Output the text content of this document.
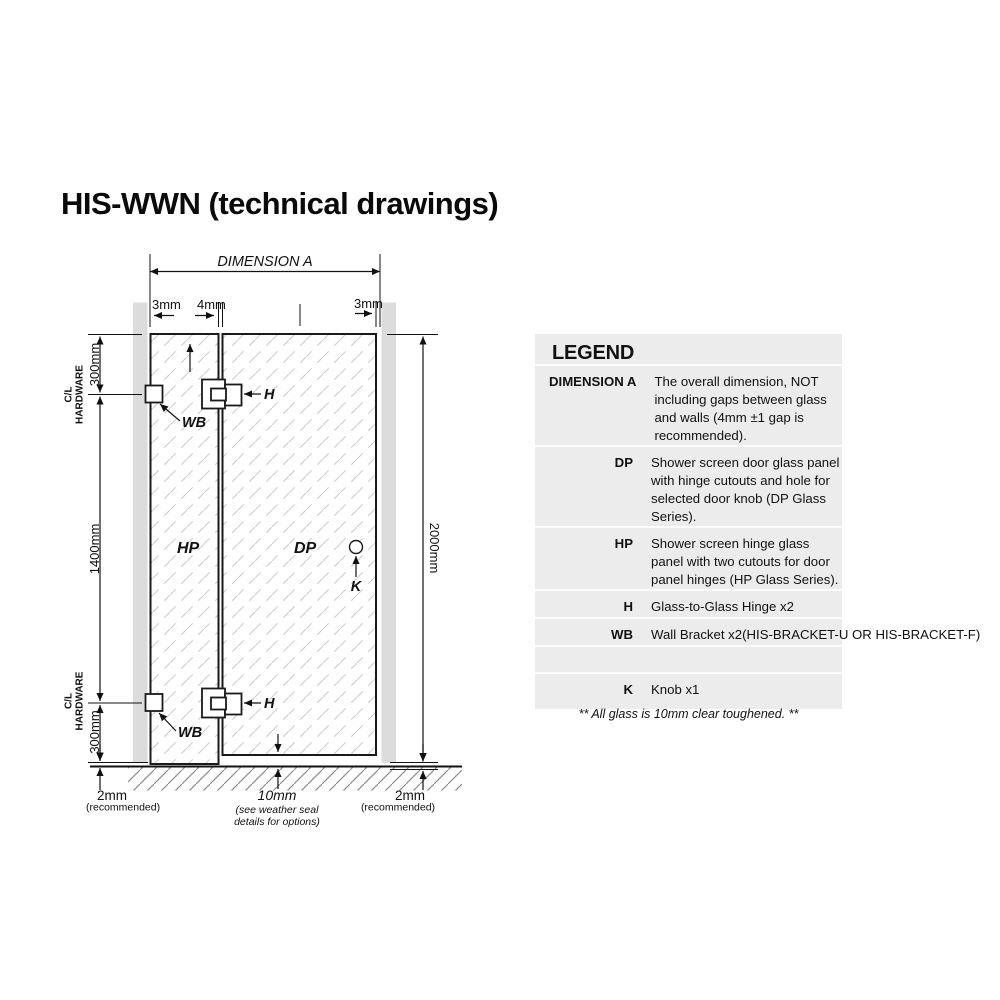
HIS-WWN (technical drawings)
DIMENSION A
3mm 4mm	3mm
300mm
C/L HARDWARE
1400mm
C/L HARDWARE
300mm
2mm
(recommended)
2000mm
2mm
(recommended)
10mm
(see weather seal
details for options)
H
H
WB
WB
K
HP	DP
LEGEND
DIMENSION A The overall dimension, NOT including gaps between glass and walls (4mm ±1 gap is recommended).
DP Shower screen door glass panel with hinge cutouts and hole for selected door knob (DP Glass Series).
HP Shower screen hinge glass panel with two cutouts for door panel hinges (HP Glass Series).
H Glass-to-Glass Hinge x2
WB Wall Bracket x2(HIS-BRACKET-U OR HIS-BRACKET-F)
K Knob x1
** All glass is 10mm clear toughened. **
